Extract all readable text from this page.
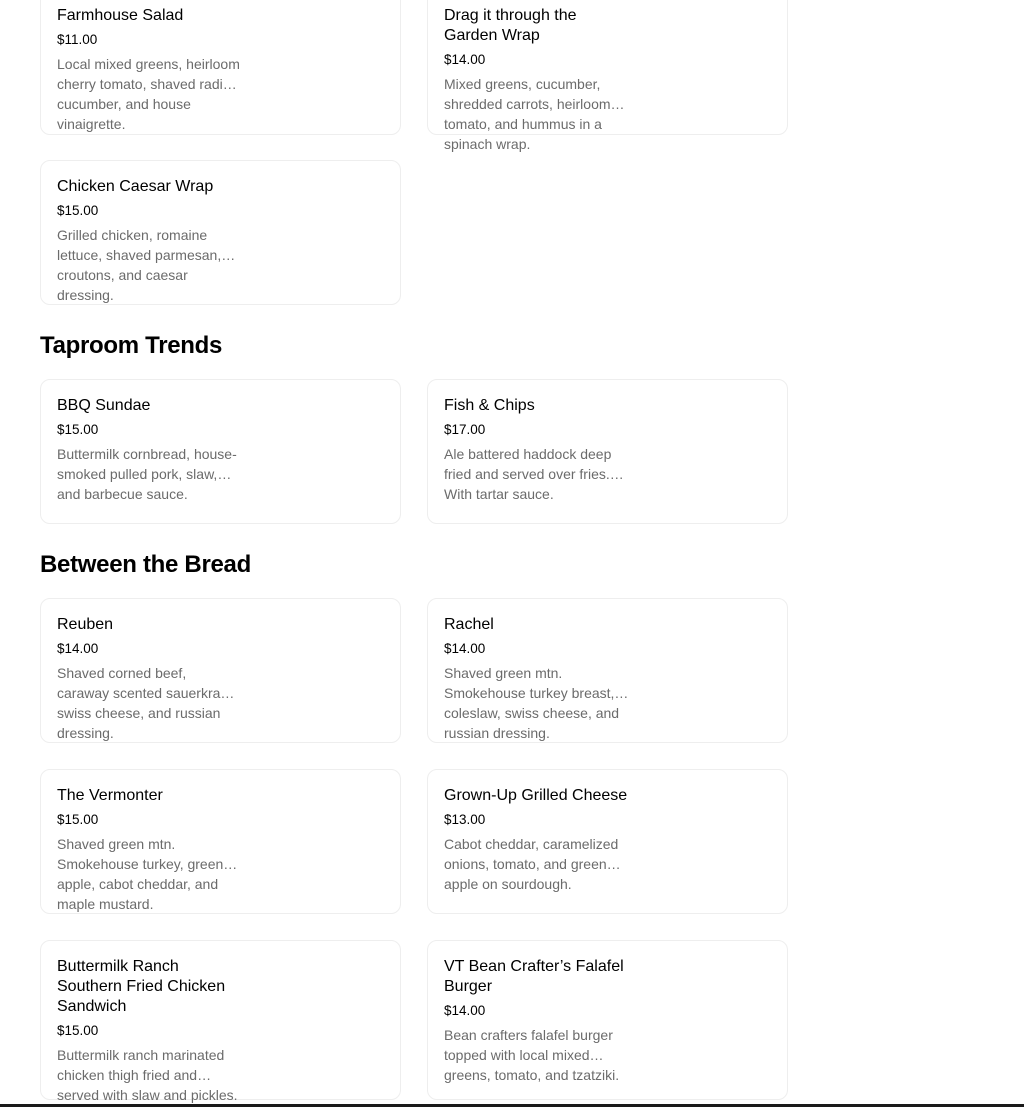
Farmhouse Salad
$11.00
Local mixed greens, heirloom cherry tomato, shaved radish, cucumber, and house vinaigrette.
Drag it through the Garden Wrap
$14.00
Mixed greens, cucumber, shredded carrots, heirloom tomato, and hummus in a spinach wrap.
Chicken Caesar Wrap
$15.00
Grilled chicken, romaine lettuce, shaved parmesan, croutons, and caesar dressing.
Taproom Trends
BBQ Sundae
$15.00
Buttermilk cornbread, house-smoked pulled pork, slaw, and barbecue sauce.
Fish & Chips
$17.00
Ale battered haddock deep fried and served over fries. With tartar sauce.
Between the Bread
Reuben
$14.00
Shaved corned beef, caraway scented sauerkraut, swiss cheese, and russian dressing.
Rachel
$14.00
Shaved green mtn. Smokehouse turkey breast, coleslaw, swiss cheese, and russian dressing.
The Vermonter
$15.00
Shaved green mtn. Smokehouse turkey, green apple, cabot cheddar, and maple mustard.
Grown-Up Grilled Cheese
$13.00
Cabot cheddar, caramelized onions, tomato, and green apple on sourdough.
Buttermilk Ranch Southern Fried Chicken Sandwich
$15.00
Buttermilk ranch marinated chicken thigh fried and served with slaw and pickles.
VT Bean Crafter’s Falafel Burger
$14.00
Bean crafters falafel burger topped with local mixed greens, tomato, and tzatziki.
